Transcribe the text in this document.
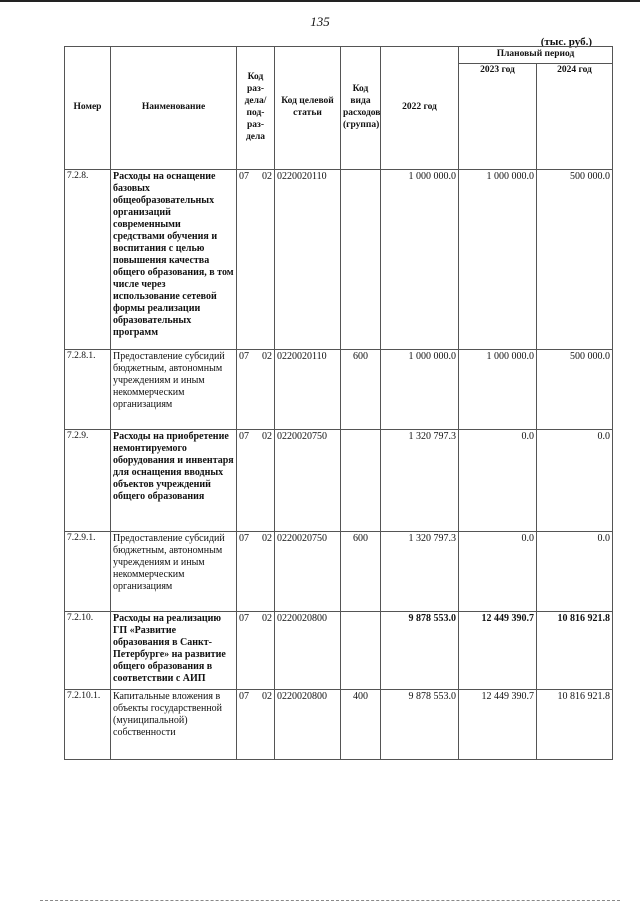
135
(тыс. руб.)
Номер	Наименование	Код раз-
дела/
под-
раз-
дела	Код целевой статьи	Код вида расходов (группа)	2022 год	Плановый период	
						2023 год	2024 год
7.2.8.	Расходы на оснащение базовых общеобразовательных организаций современными средствами обучения и воспитания с целью повышения качества общего образования, в том числе через использование сетевой формы реализации образовательных программ	07 02	0220020110		1 000 000.0	1 000 000.0	500 000.0
7.2.8.1.	Предоставление субсидий бюджетным, автономным учреждениям и иным некоммерческим организациям	07 02	0220020110	600	1 000 000.0	1 000 000.0	500 000.0
7.2.9.	Расходы на приобретение немонтируемого оборудования и инвентаря для оснащения вводных объектов учреждений общего образования	07 02	0220020750		1 320 797.3	0.0	0.0
7.2.9.1.	Предоставление субсидий бюджетным, автономным учреждениям и иным некоммерческим организациям	07 02	0220020750	600	1 320 797.3	0.0	0.0
7.2.10.	Расходы на реализацию ГП «Развитие образования в Санкт-Петербурге» на развитие общего образования в соответствии с АИП	07 02	0220020800		9 878 553.0	12 449 390.7	10 816 921.8
7.2.10.1.	Капитальные вложения в объекты государственной (муниципальной) собственности	07 02	0220020800	400	9 878 553.0	12 449 390.7	10 816 921.8
